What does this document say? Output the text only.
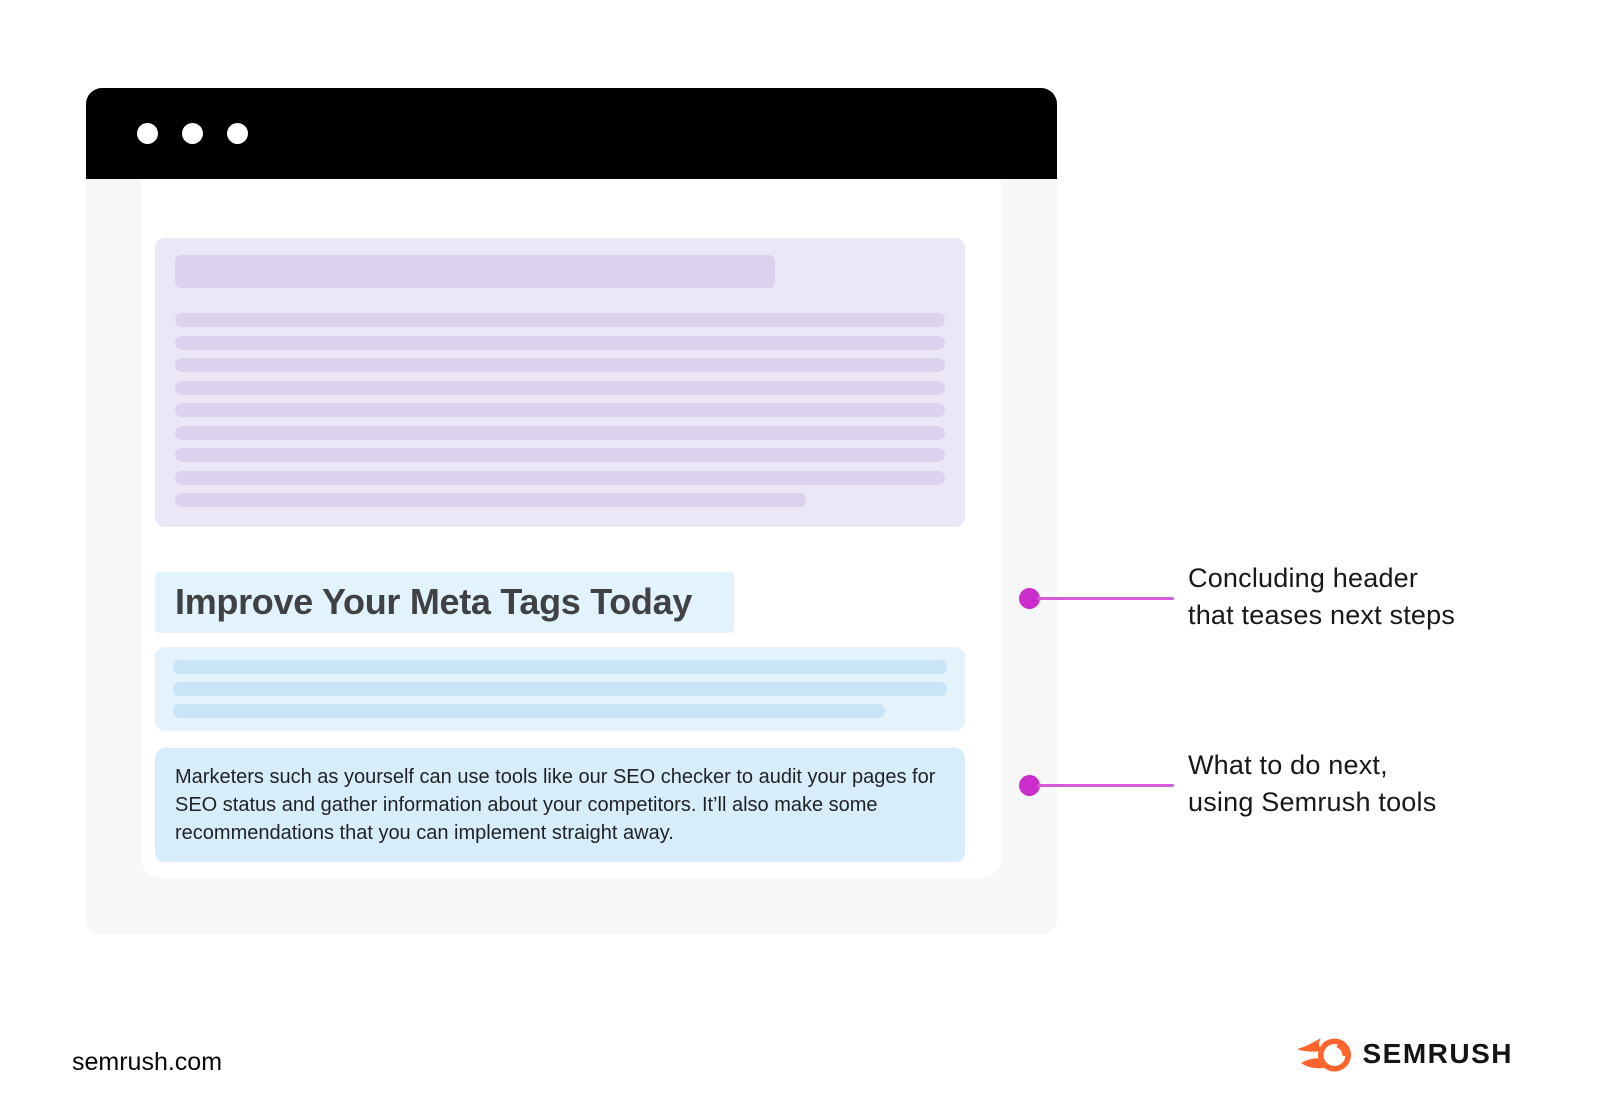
Improve Your Meta Tags Today
Marketers such as yourself can use tools like our SEO checker to audit your pages for SEO status and gather information about your competitors. It’ll also make some recommendations that you can implement straight away.
Concluding header
that teases next steps
What to do next,
using Semrush tools
semrush.com	SEMRUSH
